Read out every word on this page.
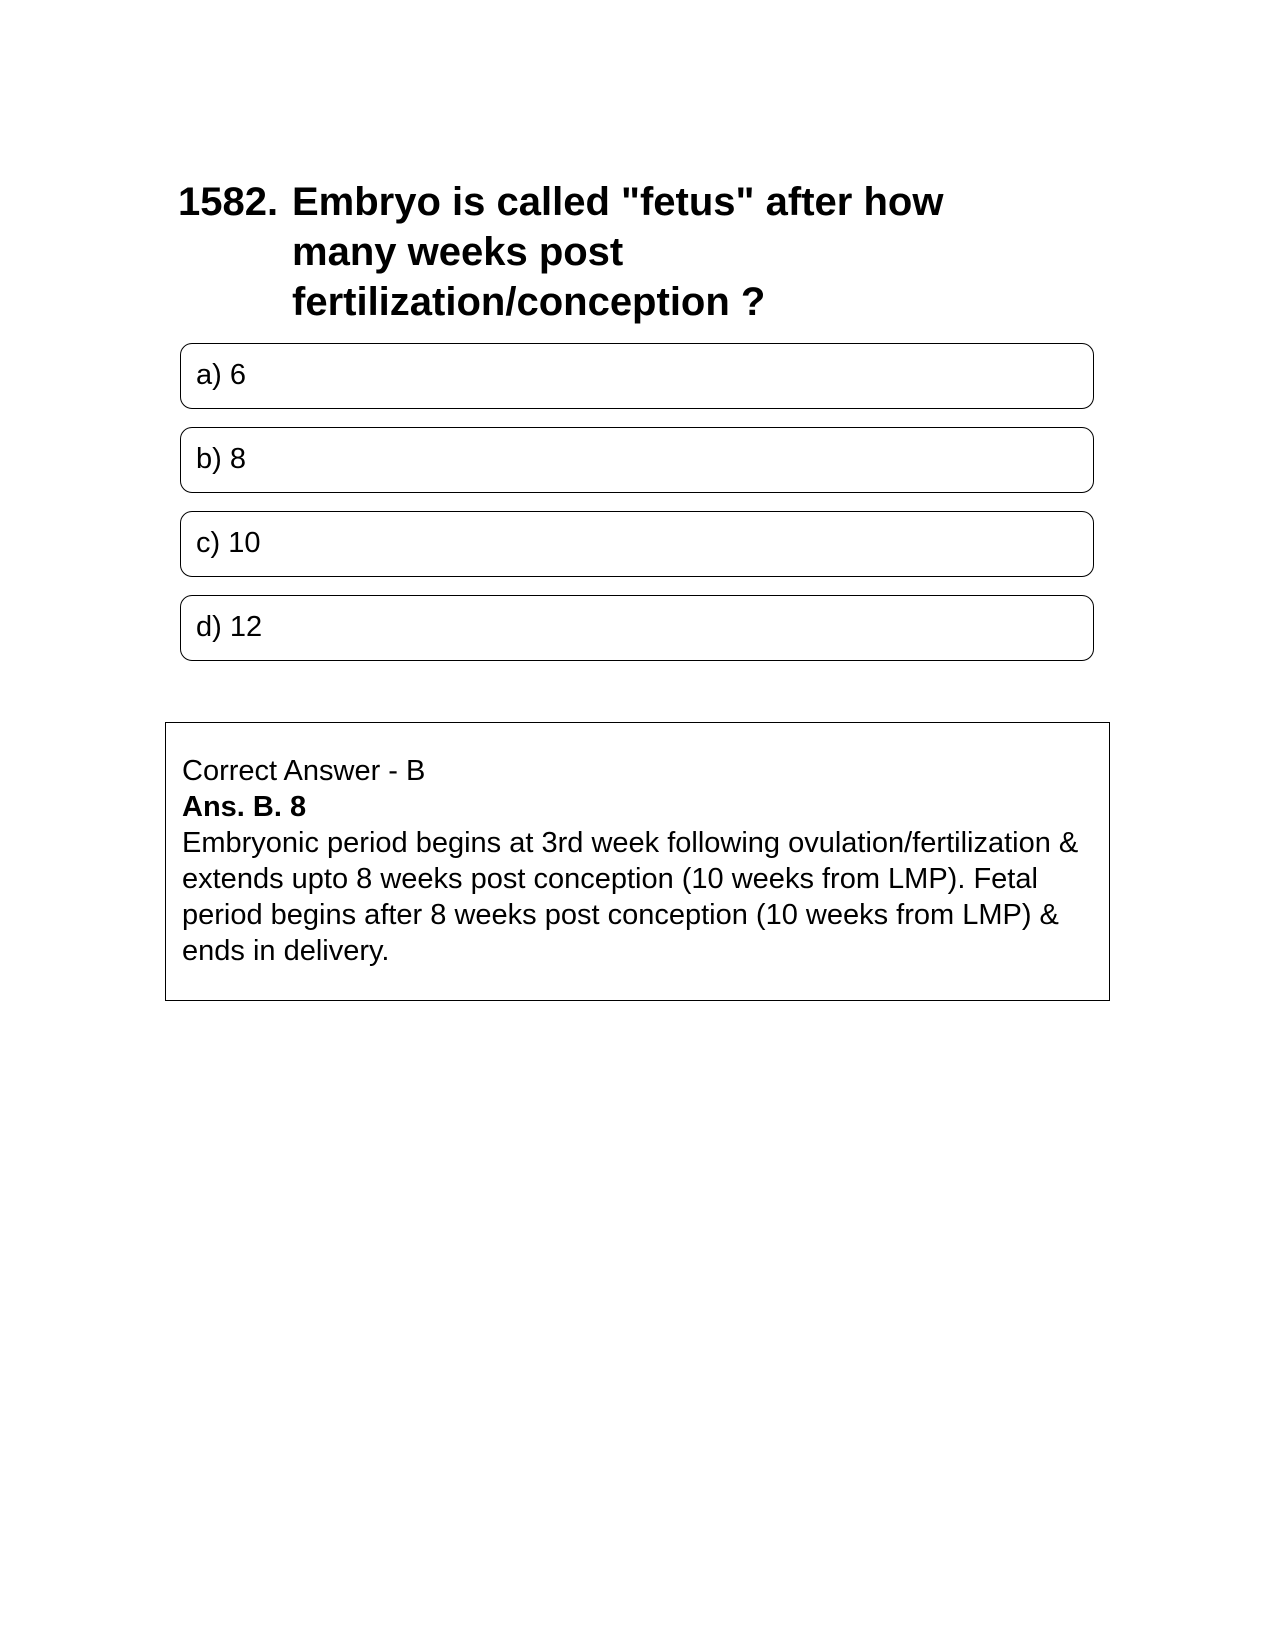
1582. Embryo is called "fetus" after how many weeks post fertilization/conception ?
a) 6
b) 8
c) 10
d) 12
Correct Answer - B
Ans. B. 8
Embryonic period begins at 3rd week following ovulation/fertilization & extends upto 8 weeks post conception (10 weeks from LMP). Fetal period begins after 8 weeks post conception (10 weeks from LMP) & ends in delivery.
